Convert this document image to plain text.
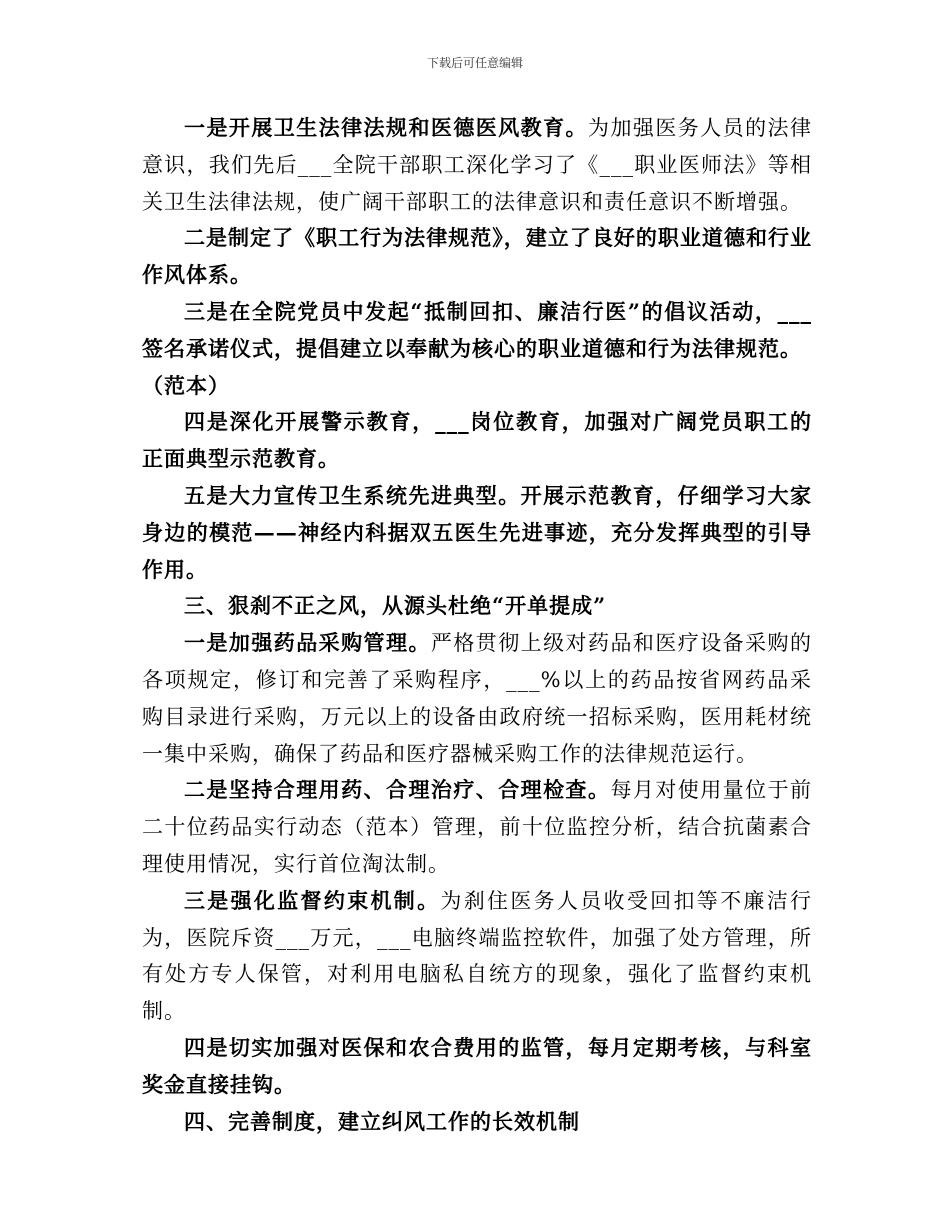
下载后可任意编辑

一是开展卫生法律法规和医德医风教育。为加强医务人员的法律意识，我们先后___全院干部职工深化学习了《___职业医师法》等相关卫生法律法规，使广阔干部职工的法律意识和责任意识不断增强。

二是制定了《职工行为法律规范》，建立了良好的职业道德和行业作风体系。

三是在全院党员中发起“抵制回扣、廉洁行医”的倡议活动，___签名承诺仪式，提倡建立以奉献为核心的职业道德和行为法律规范。

（范本）

四是深化开展警示教育，___岗位教育，加强对广阔党员职工的正面典型示范教育。

五是大力宣传卫生系统先进典型。开展示范教育，仔细学习大家身边的模范——神经内科据双五医生先进事迹，充分发挥典型的引导作用。

三、狠刹不正之风，从源头杜绝“开单提成”

一是加强药品采购管理。严格贯彻上级对药品和医疗设备采购的各项规定，修订和完善了采购程序，___%以上的药品按省网药品采购目录进行采购，万元以上的设备由政府统一招标采购，医用耗材统一集中采购，确保了药品和医疗器械采购工作的法律规范运行。

二是坚持合理用药、合理治疗、合理检查。每月对使用量位于前二十位药品实行动态（范本）管理，前十位监控分析，结合抗菌素合理使用情况，实行首位淘汰制。

三是强化监督约束机制。为刹住医务人员收受回扣等不廉洁行为，医院斥资___万元，___电脑终端监控软件，加强了处方管理，所有处方专人保管，对利用电脑私自统方的现象，强化了监督约束机制。

四是切实加强对医保和农合费用的监管，每月定期考核，与科室奖金直接挂钩。

四、完善制度，建立纠风工作的长效机制
